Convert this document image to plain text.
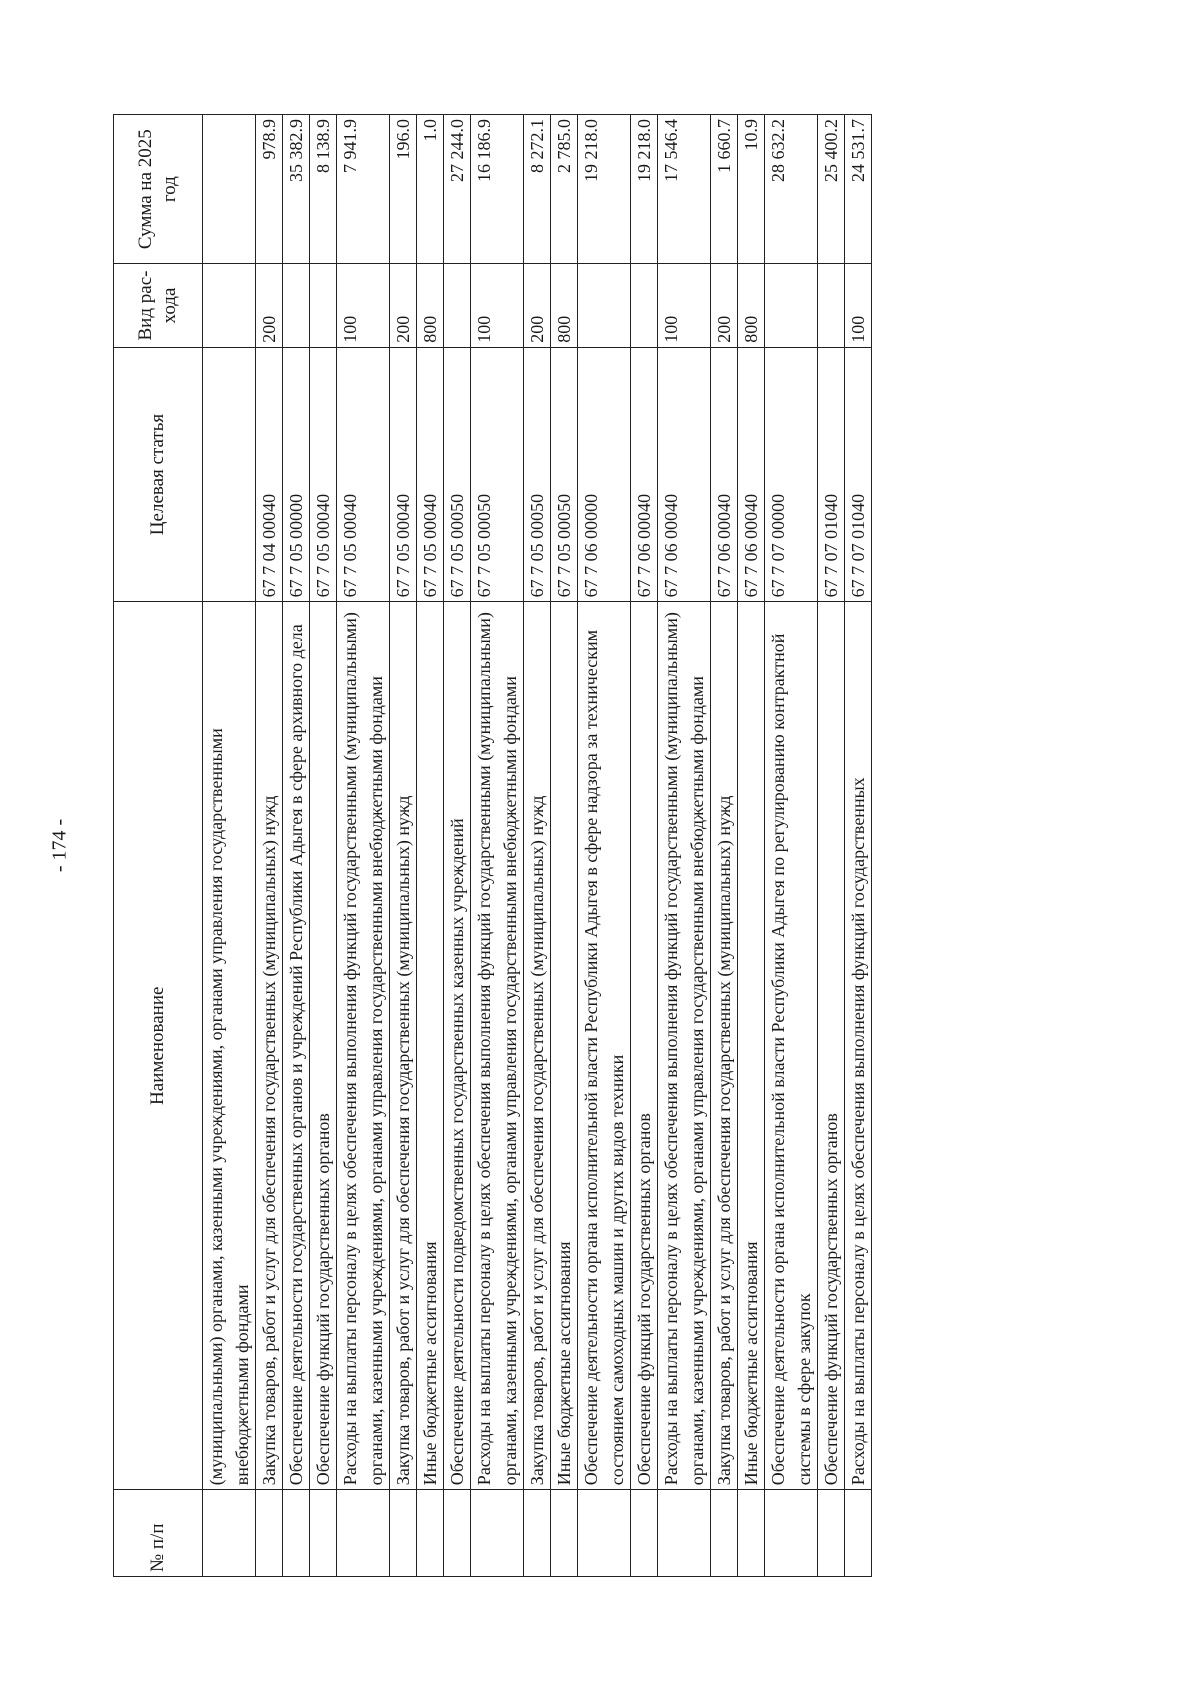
- 174 -
№ п/п	Наименование	Целевая статья	Вид рас-хода	Сумма на 2025 год
	(муниципальными) органами, казенными учреждениями, органами управления государственными внебюджетными фондами			
	Закупка товаров, работ и услуг для обеспечения государственных (муниципальных) нужд	67 7 04 00040	200	978.9
	Обеспечение деятельности государственных органов и учреждений Республики Адыгея в сфере архивного дела	67 7 05 00000		35 382.9
	Обеспечение функций государственных органов	67 7 05 00040		8 138.9
	Расходы на выплаты персоналу в целях обеспечения выполнения функций государственными (муниципальными) органами, казенными учреждениями, органами управления государственными внебюджетными фондами	67 7 05 00040	100	7 941.9
	Закупка товаров, работ и услуг для обеспечения государственных (муниципальных) нужд	67 7 05 00040	200	196.0
	Иные бюджетные ассигнования	67 7 05 00040	800	1.0
	Обеспечение деятельности подведомственных государственных казенных учреждений	67 7 05 00050		27 244.0
	Расходы на выплаты персоналу в целях обеспечения выполнения функций государственными (муниципальными) органами, казенными учреждениями, органами управления государственными внебюджетными фондами	67 7 05 00050	100	16 186.9
	Закупка товаров, работ и услуг для обеспечения государственных (муниципальных) нужд	67 7 05 00050	200	8 272.1
	Иные бюджетные ассигнования	67 7 05 00050	800	2 785.0
	Обеспечение деятельности органа исполнительной власти Республики Адыгея в сфере надзора за техническим состоянием самоходных машин и других видов техники	67 7 06 00000		19 218.0
	Обеспечение функций государственных органов	67 7 06 00040		19 218.0
	Расходы на выплаты персоналу в целях обеспечения выполнения функций государственными (муниципальными) органами, казенными учреждениями, органами управления государственными внебюджетными фондами	67 7 06 00040	100	17 546.4
	Закупка товаров, работ и услуг для обеспечения государственных (муниципальных) нужд	67 7 06 00040	200	1 660.7
	Иные бюджетные ассигнования	67 7 06 00040	800	10.9
	Обеспечение деятельности органа исполнительной власти Республики Адыгея по регулированию контрактной системы в сфере закупок	67 7 07 00000		28 632.2
	Обеспечение функций государственных органов	67 7 07 01040		25 400.2
	Расходы на выплаты персоналу в целях обеспечения выполнения функций государственных	67 7 07 01040	100	24 531.7
